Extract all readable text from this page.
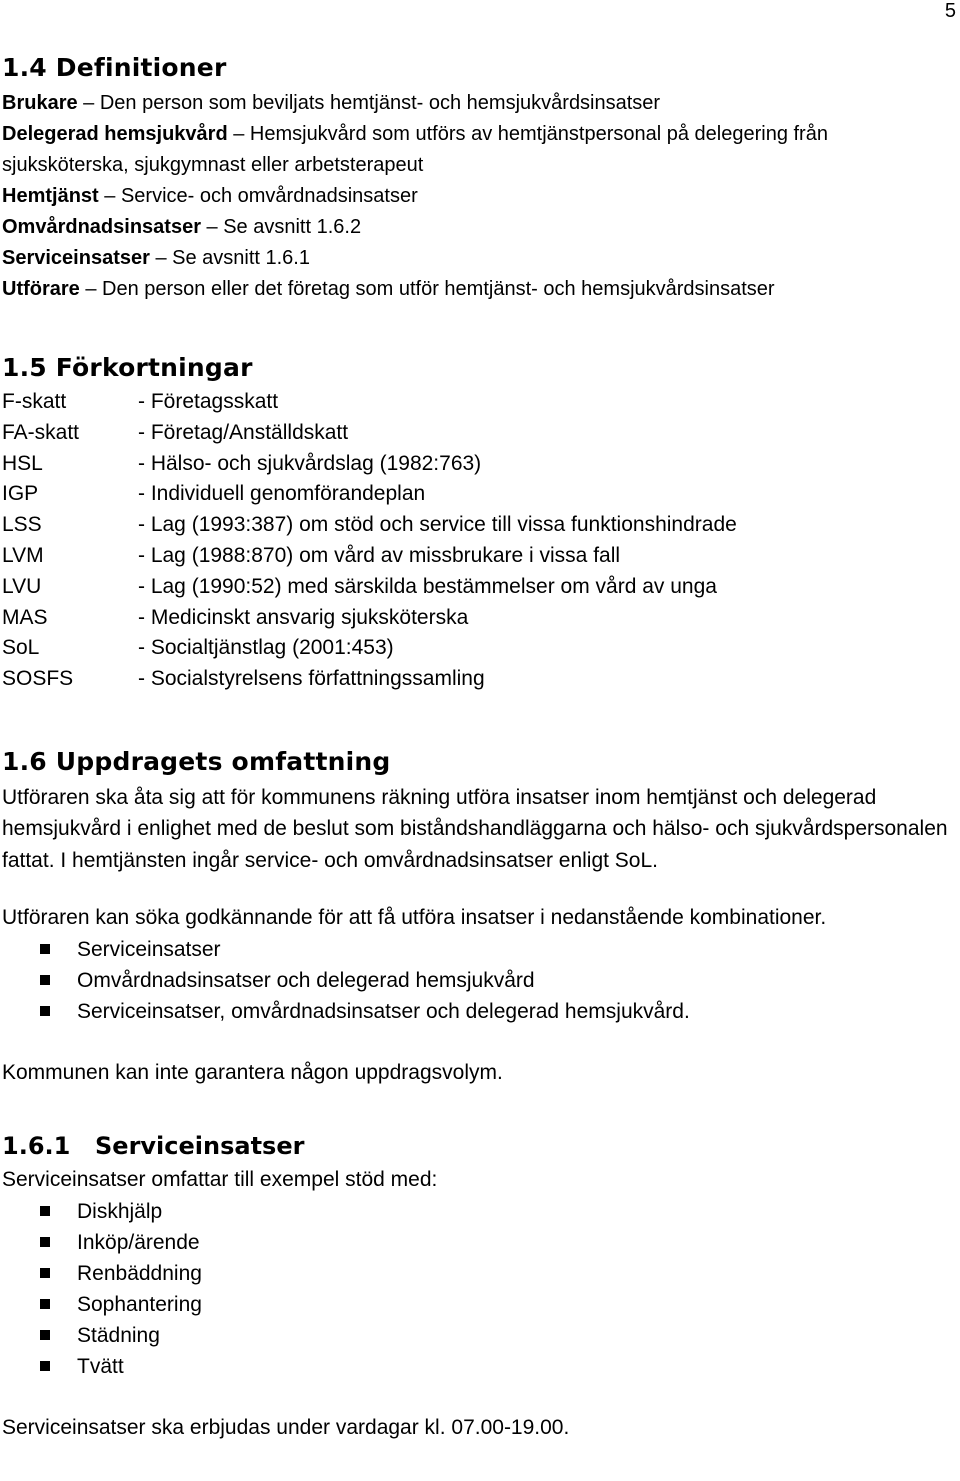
5
1.4 Definitioner

Brukare – Den person som beviljats hemtjänst- och hemsjukvårdsinsatser

Delegerad hemsjukvård – Hemsjukvård som utförs av hemtjänstpersonal på delegering från sjuksköterska, sjukgymnast eller arbetsterapeut

Hemtjänst – Service- och omvårdnadsinsatser

Omvårdnadsinsatser – Se avsnitt 1.6.2

Serviceinsatser – Se avsnitt 1.6.1

Utförare – Den person eller det företag som utför hemtjänst- och hemsjukvårdsinsatser

1.5 Förkortningar
F-skatt	- Företagsskatt
FA-skatt	- Företag/Anställdskatt
HSL	- Hälso- och sjukvårdslag (1982:763)
IGP	- Individuell genomförandeplan
LSS	- Lag (1993:387) om stöd och service till vissa funktionshindrade
LVM	- Lag (1988:870) om vård av missbrukare i vissa fall
LVU	- Lag (1990:52) med särskilda bestämmelser om vård av unga
MAS	- Medicinskt ansvarig sjuksköterska
SoL	- Socialtjänstlag (2001:453)
SOSFS	- Socialstyrelsens författningssamling
1.6 Uppdragets omfattning

Utföraren ska åta sig att för kommunens räkning utföra insatser inom hemtjänst och delegerad hemsjukvård i enlighet med de beslut som biståndshandläggarna och hälso- och sjukvårdspersonalen fattat. I hemtjänsten ingår service- och omvårdnadsinsatser enligt SoL.

Utföraren kan söka godkännande för att få utföra insatser i nedanstående kombinationer.

Serviceinsatser
Omvårdnadsinsatser och delegerad hemsjukvård
Serviceinsatser, omvårdnadsinsatser och delegerad hemsjukvård.

Kommunen kan inte garantera någon uppdragsvolym.

1.6.1 Serviceinsatser

Serviceinsatser omfattar till exempel stöd med:

Diskhjälp
Inköp/ärende
Renbäddning
Sophantering
Städning
Tvätt

Serviceinsatser ska erbjudas under vardagar kl. 07.00-19.00.
